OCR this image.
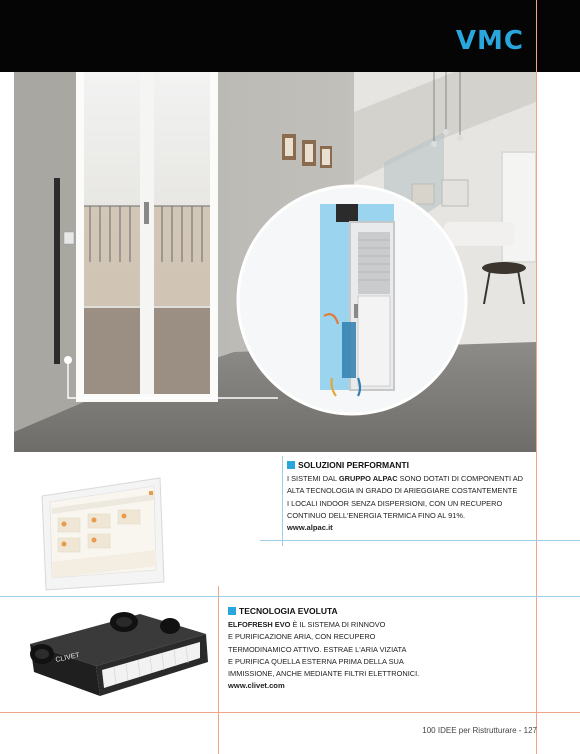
VMC
SOLUZIONI PERFORMANTI
I SISTEMI DAL GRUPPO ALPAC SONO DOTATI DI COMPONENTI AD
ALTA TECNOLOGIA IN GRADO DI ARIEGGIARE COSTANTEMENTE
I LOCALI INDOOR SENZA DISPERSIONI, CON UN RECUPERO
CONTINUO DELL'ENERGIA TERMICA FINO AL 91%.
www.alpac.it
TECNOLOGIA EVOLUTA
ELFOFRESH EVO È IL SISTEMA DI RINNOVO
E PURIFICAZIONE ARIA, CON RECUPERO
TERMODINAMICO ATTIVO. ESTRAE L'ARIA VIZIATA
E PURIFICA QUELLA ESTERNA PRIMA DELLA SUA
IMMISSIONE, ANCHE MEDIANTE FILTRI ELETTRONICI.
www.clivet.com
CLIVET
100 IDEE per Ristrutturare - 127
